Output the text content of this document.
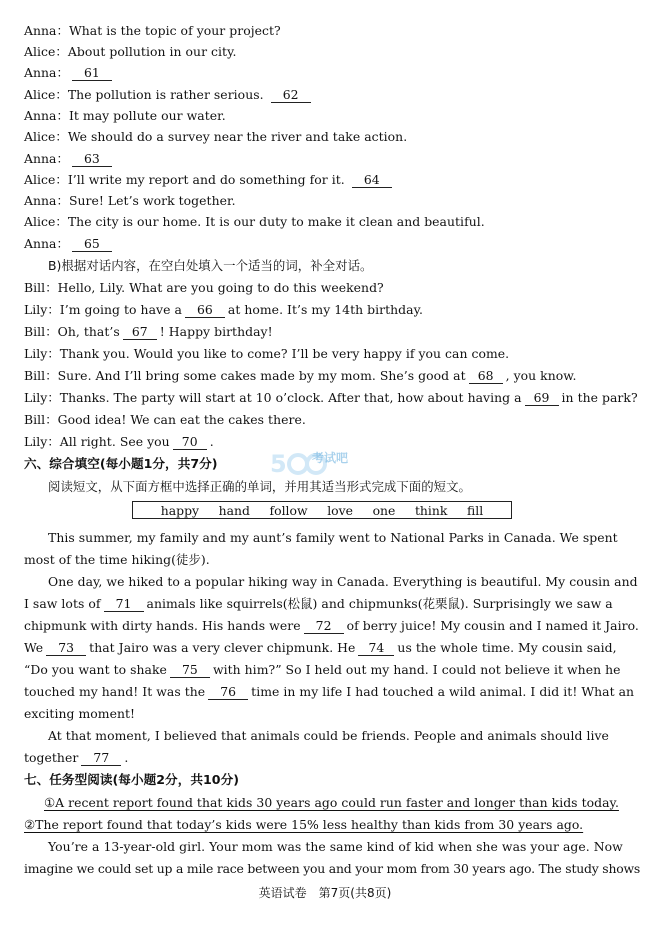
Anna：What is the topic of your project?
Alice：About pollution in our city.
Anna： 61
Alice：The pollution is rather serious. 62
Anna：It may pollute our water.
Alice：We should do a survey near the river and take action.
Anna： 63
Alice：I’ll write my report and do something for it. 64
Anna：Sure! Let’s work together.
Alice：The city is our home. It is our duty to make it clean and beautiful.
Anna： 65
B)根据对话内容，在空白处填入一个适当的词，补全对话。
Bill：Hello, Lily. What are you going to do this weekend?
Lily：I’m going to have a 66 at home. It’s my 14th birthday.
Bill：Oh, that’s 67 ! Happy birthday!
Lily：Thank you. Would you like to come? I’ll be very happy if you can come.
Bill：Sure. And I’ll bring some cakes made by my mom. She’s good at 68 , you know.
Lily：Thanks. The party will start at 10 o’clock. After that, how about having a 69 in the park?
Bill：Good idea! We can eat the cakes there.
Lily：All right. See you 70 .
5 考试吧
六、综合填空(每小题1分，共7分)
阅读短文，从下面方框中选择正确的单词，并用其适当形式完成下面的短文。
happy hand follow love one think fill
This summer, my family and my aunt’s family went to National Parks in Canada. We spent
most of the time hiking(徒步).
One day, we hiked to a popular hiking way in Canada. Everything is beautiful. My cousin and
I saw lots of 71 animals like squirrels(松鼠) and chipmunks(花栗鼠). Surprisingly we saw a
chipmunk with dirty hands. His hands were 72 of berry juice! My cousin and I named it Jairo.
We 73 that Jairo was a very clever chipmunk. He 74 us the whole time. My cousin said,
“Do you want to shake 75 with him?” So I held out my hand. I could not believe it when he
touched my hand! It was the 76 time in my life I had touched a wild animal. I did it! What an
exciting moment!
At that moment, I believed that animals could be friends. People and animals should live
together 77 .
七、任务型阅读(每小题2分，共10分)
①A recent report found that kids 30 years ago could run faster and longer than kids today.
②The report found that today’s kids were 15% less healthy than kids from 30 years ago.
You’re a 13-year-old girl. Your mom was the same kind of kid when she was your age. Now
imagine we could set up a mile race between you and your mom from 30 years ago. The study shows
英语试卷　第7页(共8页)
